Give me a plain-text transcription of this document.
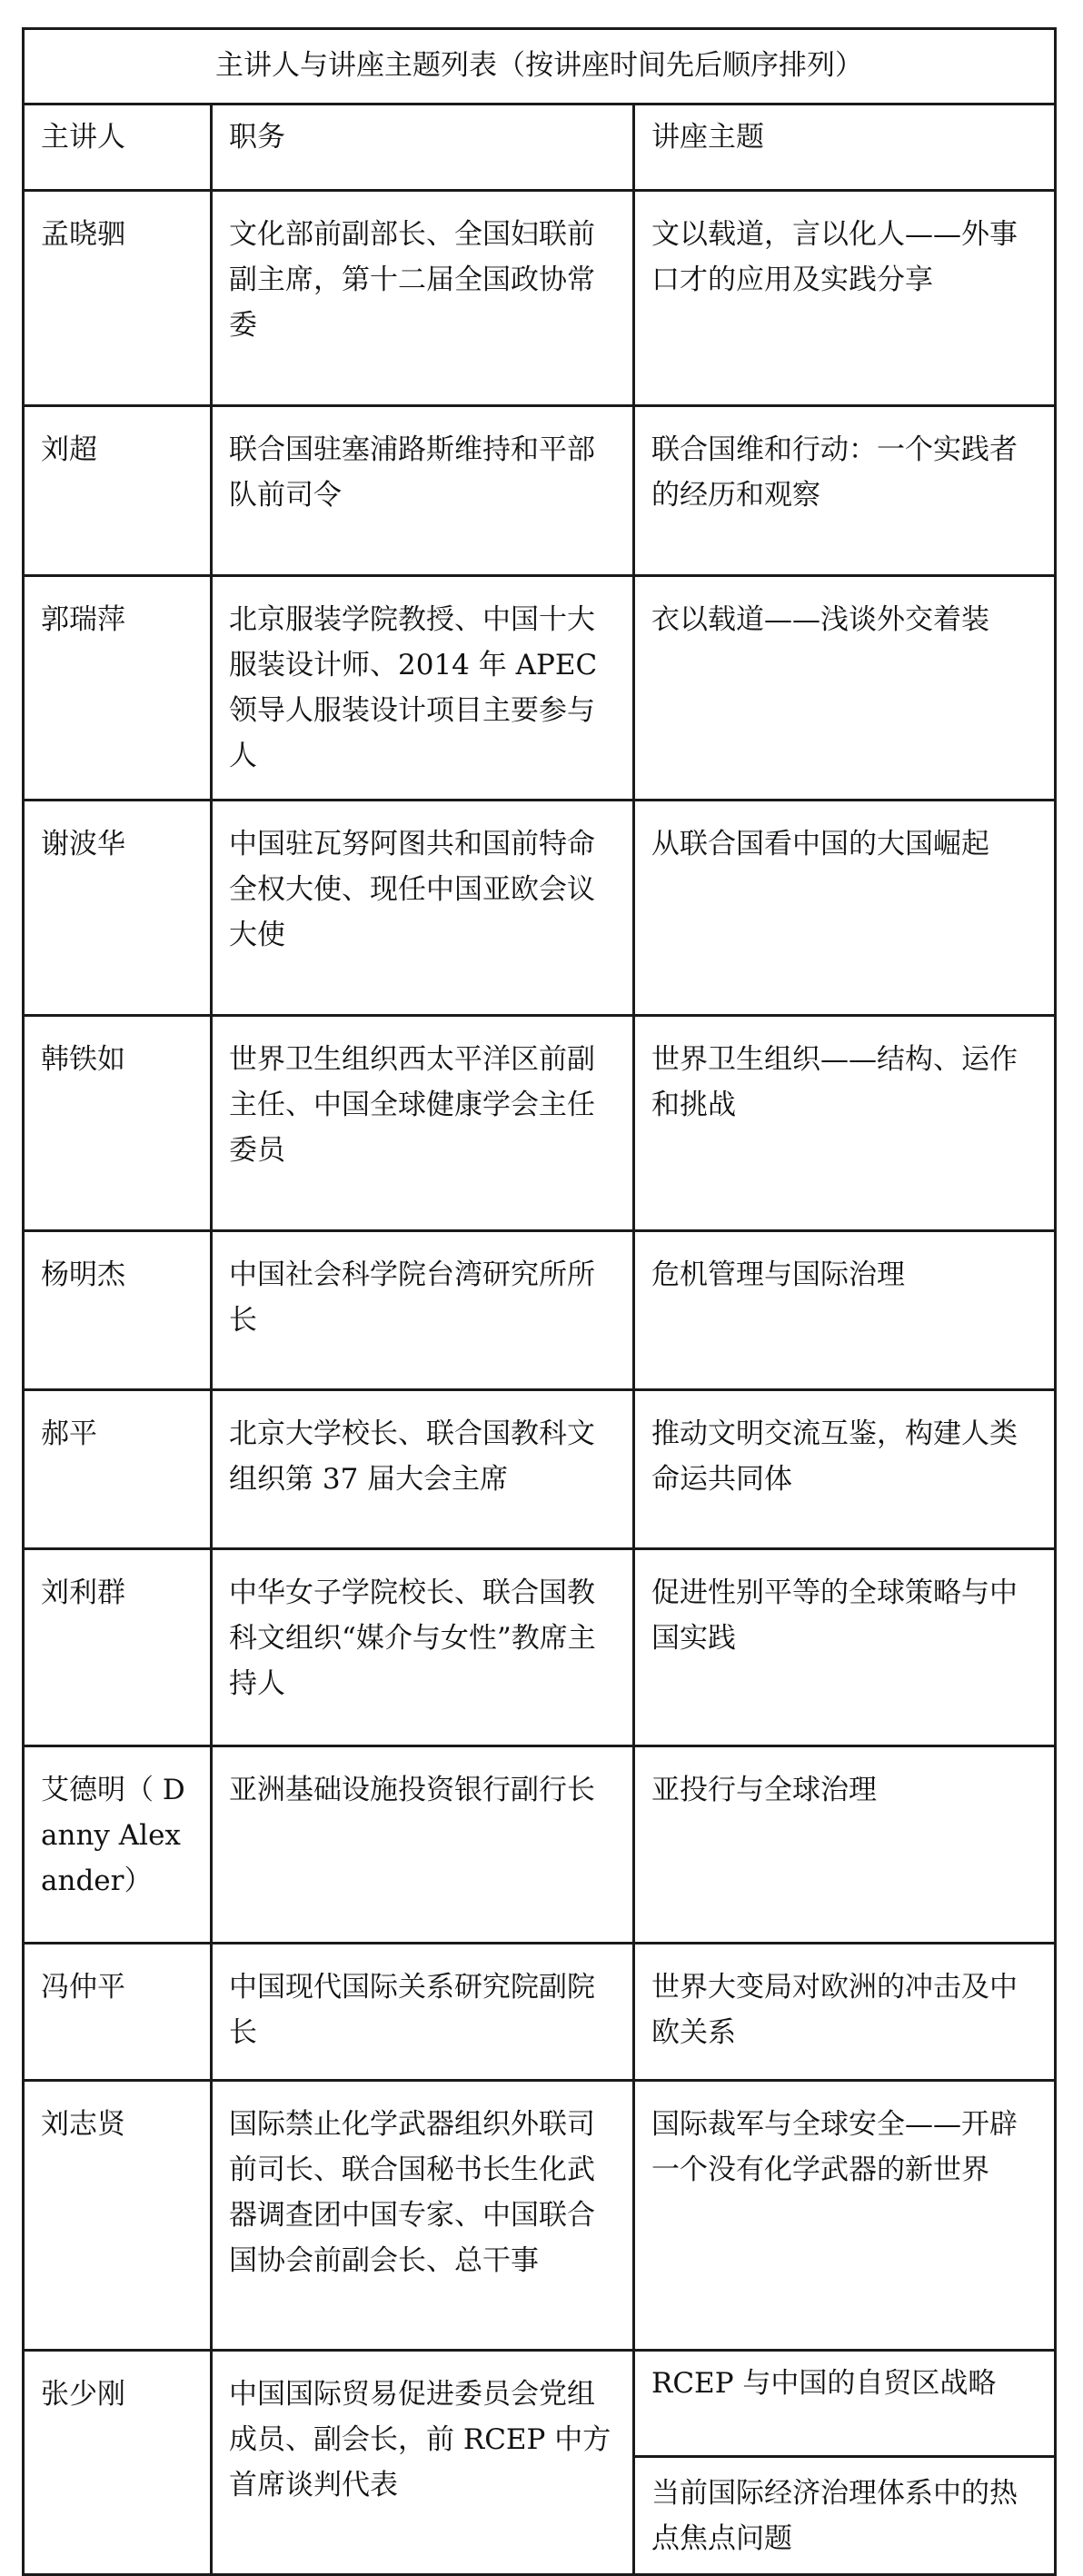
主讲人与讲座主题列表（按讲座时间先后顺序排列）		
主讲人	职务	讲座主题
孟晓驷	文化部前副部长、全国妇联前副主席，第十二届全国政协常委	文以载道，言以化人——外事口才的应用及实践分享
刘超	联合国驻塞浦路斯维持和平部队前司令	联合国维和行动：一个实践者的经历和观察
郭瑞萍	北京服装学院教授、中国十大服装设计师、2014 年 APEC 领导人服装设计项目主要参与人	衣以载道——浅谈外交着装
谢波华	中国驻瓦努阿图共和国前特命全权大使、现任中国亚欧会议大使	从联合国看中国的大国崛起
韩铁如	世界卫生组织西太平洋区前副主任、中国全球健康学会主任委员	世界卫生组织——结构、运作和挑战
杨明杰	中国社会科学院台湾研究所所长	危机管理与国际治理
郝平	北京大学校长、联合国教科文组织第 37 届大会主席	推动文明交流互鉴，构建人类命运共同体
刘利群	中华女子学院校长、联合国教科文组织“媒介与女性”教席主持人	促进性别平等的全球策略与中国实践
艾德明（ Danny Alexander）	亚洲基础设施投资银行副行长	亚投行与全球治理
冯仲平	中国现代国际关系研究院副院长	世界大变局对欧洲的冲击及中欧关系
刘志贤	国际禁止化学武器组织外联司前司长、联合国秘书长生化武器调查团中国专家、中国联合国协会前副会长、总干事	国际裁军与全球安全——开辟一个没有化学武器的新世界
张少刚	中国国际贸易促进委员会党组成员、副会长，前 RCEP 中方首席谈判代表	RCEP 与中国的自贸区战略
当前国际经济治理体系中的热点焦点问题
